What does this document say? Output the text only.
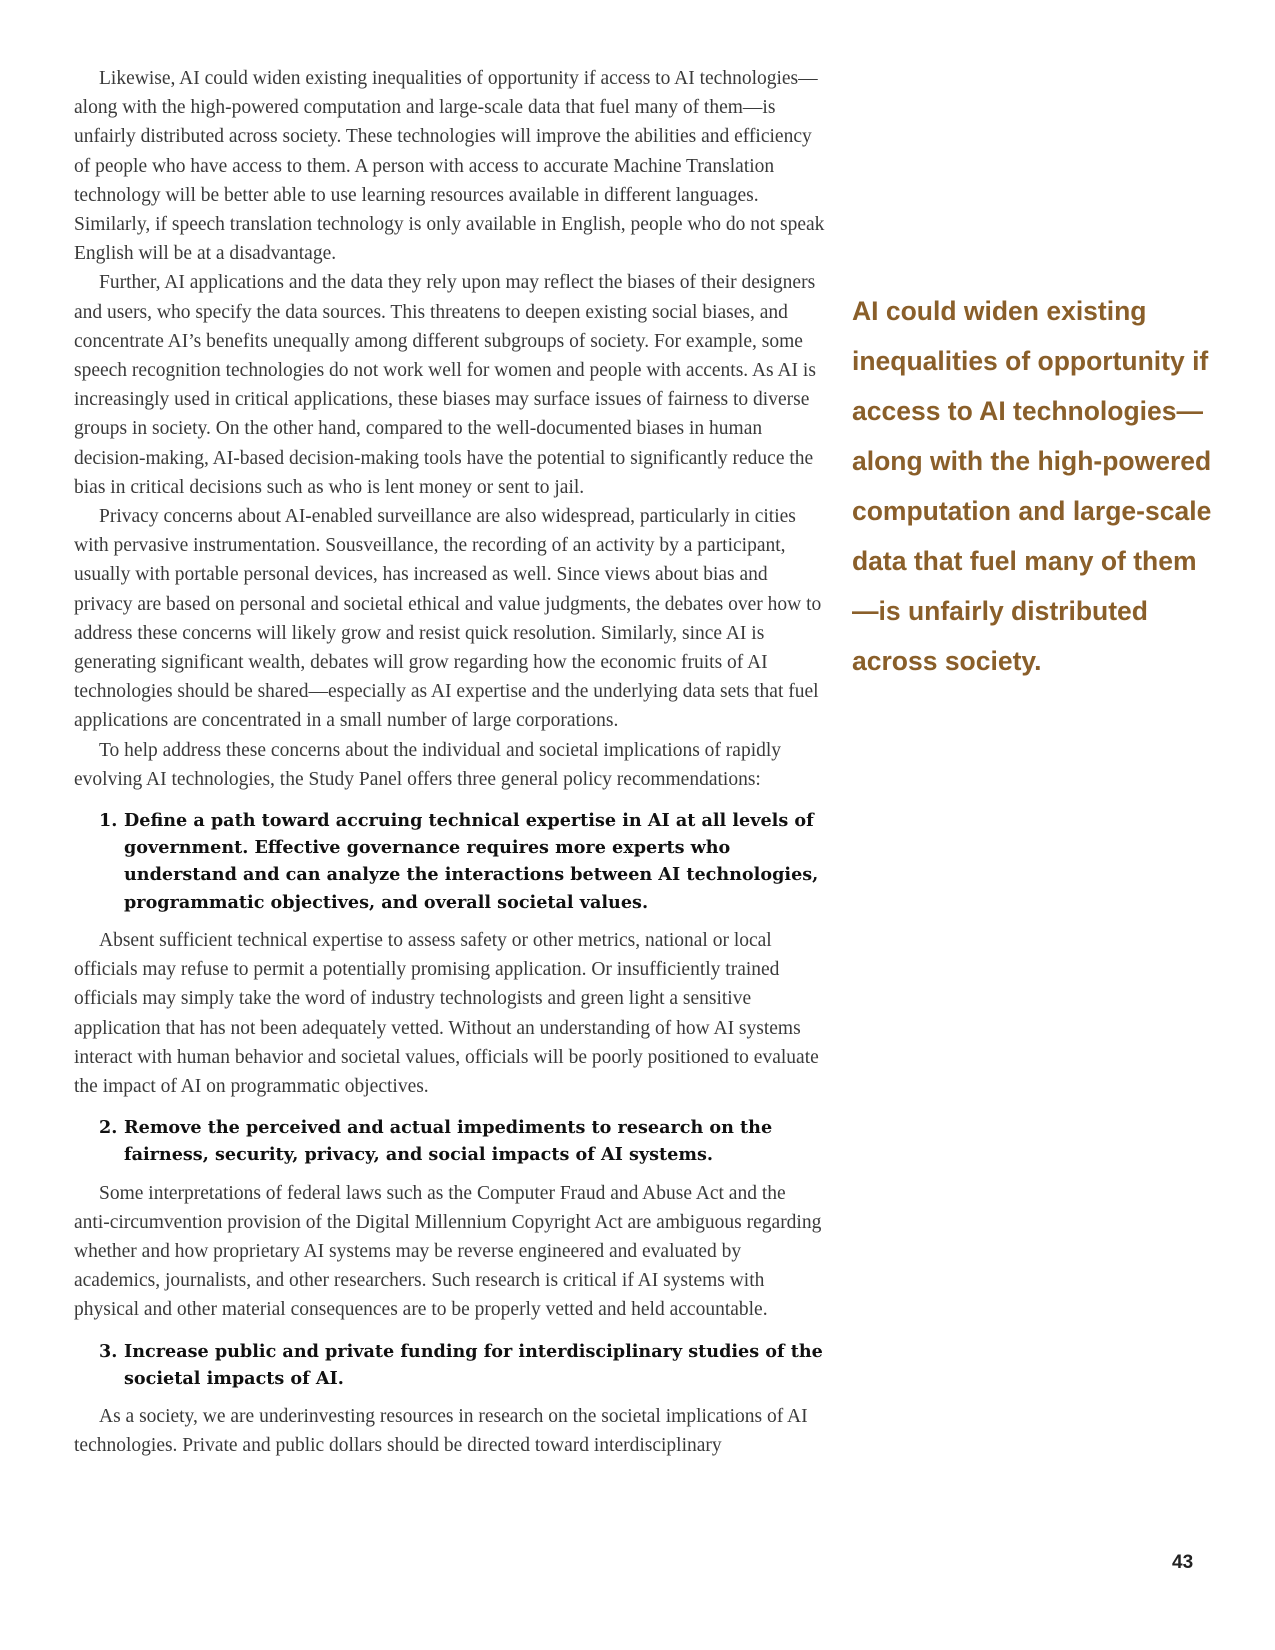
Likewise, AI could widen existing inequalities of opportunity if access to AI technologies—along with the high-powered computation and large-scale data that fuel many of them—is unfairly distributed across society. These technologies will improve the abilities and efficiency of people who have access to them. A person with access to accurate Machine Translation technology will be better able to use learning resources available in different languages. Similarly, if speech translation technology is only available in English, people who do not speak English will be at a disadvantage.

Further, AI applications and the data they rely upon may reflect the biases of their designers and users, who specify the data sources. This threatens to deepen existing social biases, and concentrate AI’s benefits unequally among different subgroups of society. For example, some speech recognition technologies do not work well for women and people with accents. As AI is increasingly used in critical applications, these biases may surface issues of fairness to diverse groups in society. On the other hand, compared to the well-documented biases in human decision-making, AI-based decision-making tools have the potential to significantly reduce the bias in critical decisions such as who is lent money or sent to jail.

Privacy concerns about AI-enabled surveillance are also widespread, particularly in cities with pervasive instrumentation. Sousveillance, the recording of an activity by a participant, usually with portable personal devices, has increased as well. Since views about bias and privacy are based on personal and societal ethical and value judgments, the debates over how to address these concerns will likely grow and resist quick resolution. Similarly, since AI is generating significant wealth, debates will grow regarding how the economic fruits of AI technologies should be shared—especially as AI expertise and the underlying data sets that fuel applications are concentrated in a small number of large corporations.

To help address these concerns about the individual and societal implications of rapidly evolving AI technologies, the Study Panel offers three general policy recommendations:

1. Define a path toward accruing technical expertise in AI at all levels of government. Effective governance requires more experts who understand and can analyze the interactions between AI technologies, programmatic objectives, and overall societal values.

Absent sufficient technical expertise to assess safety or other metrics, national or local officials may refuse to permit a potentially promising application. Or insufficiently trained officials may simply take the word of industry technologists and green light a sensitive application that has not been adequately vetted. Without an understanding of how AI systems interact with human behavior and societal values, officials will be poorly positioned to evaluate the impact of AI on programmatic objectives.

2. Remove the perceived and actual impediments to research on the fairness, security, privacy, and social impacts of AI systems.

Some interpretations of federal laws such as the Computer Fraud and Abuse Act and the anti-circumvention provision of the Digital Millennium Copyright Act are ambiguous regarding whether and how proprietary AI systems may be reverse engineered and evaluated by academics, journalists, and other researchers. Such research is critical if AI systems with physical and other material consequences are to be properly vetted and held accountable.

3. Increase public and private funding for interdisciplinary studies of the societal impacts of AI.

As a society, we are underinvesting resources in research on the societal implications of AI technologies. Private and public dollars should be directed toward interdisciplinary

AI could widen existing inequalities of opportunity if access to AI technologies—along with the high-powered computation and large-scale data that fuel many of them—is unfairly distributed across society.
43
